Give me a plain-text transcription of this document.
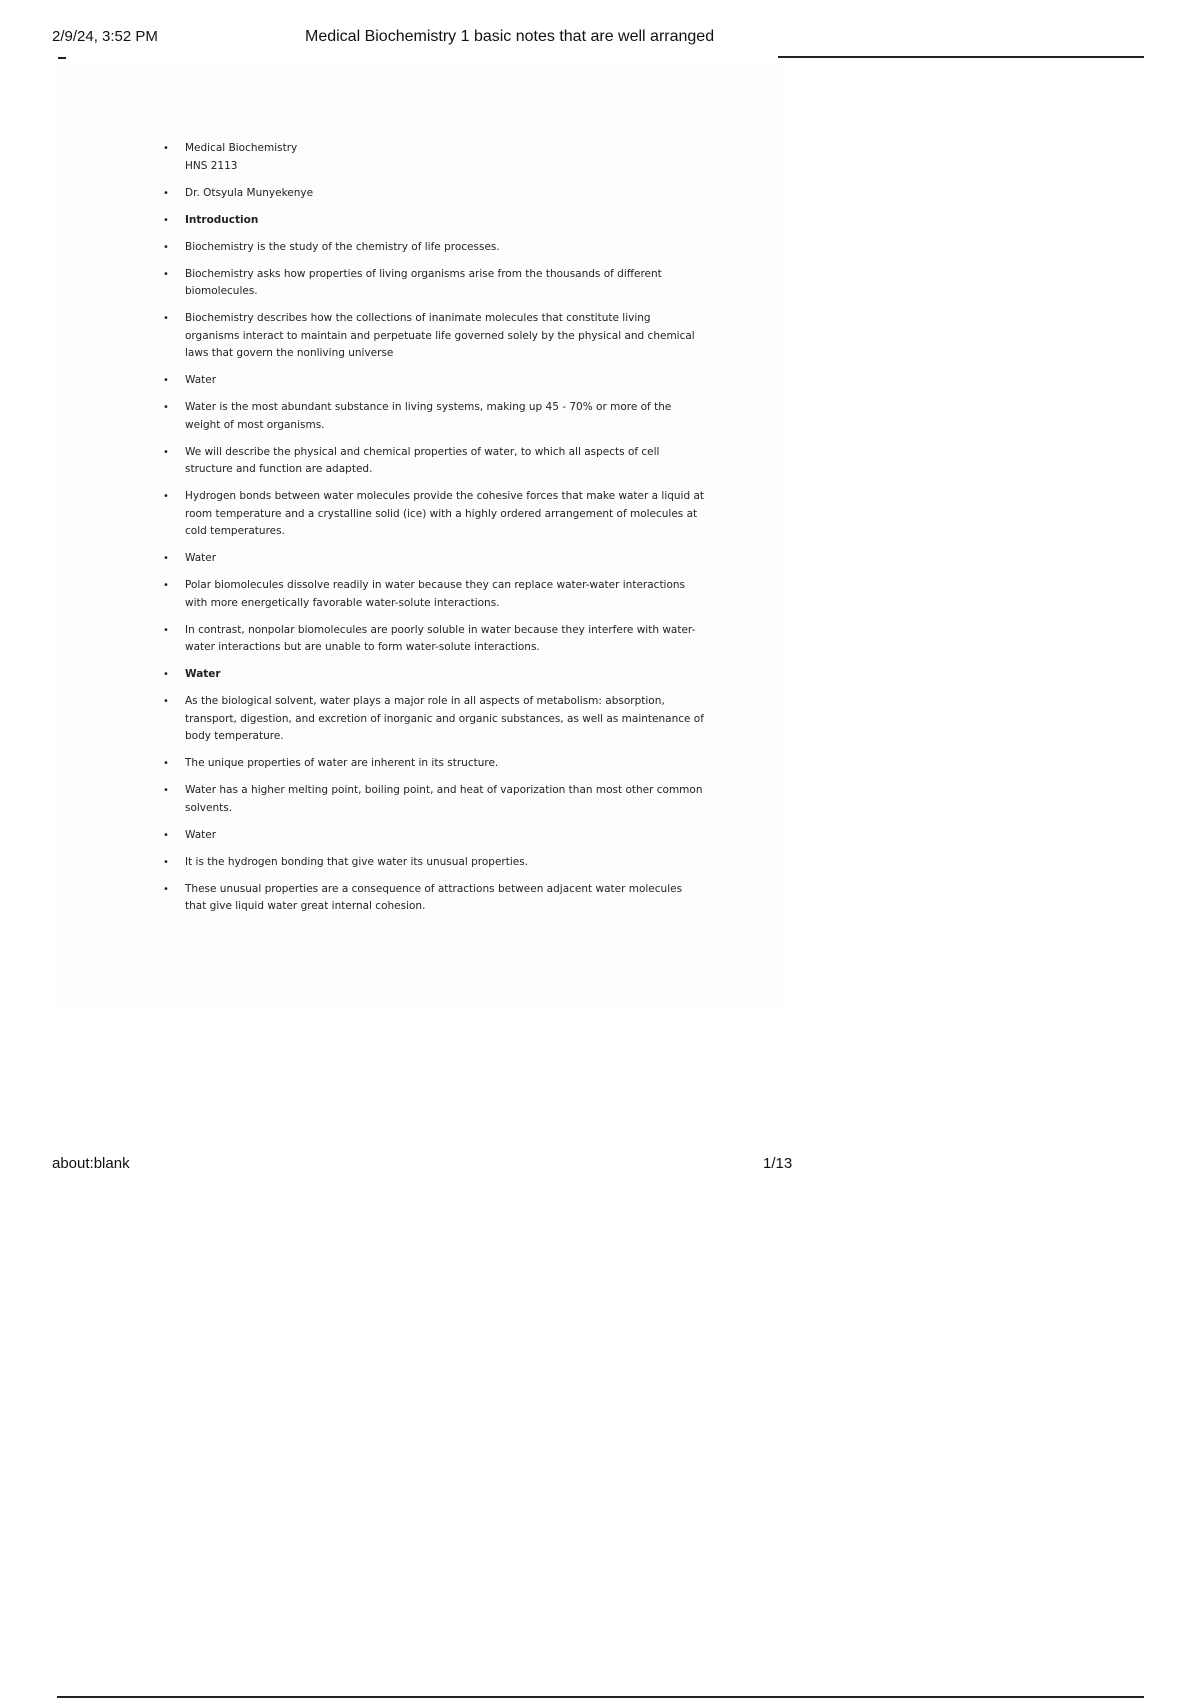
2/9/24, 3:52 PM	Medical Biochemistry 1 basic notes that are well arranged
• Medical Biochemistry
HNS 2113
• Dr. Otsyula Munyekenye
• Introduction
• Biochemistry is the study of the chemistry of life processes.
• Biochemistry asks how properties of living organisms arise from the thousands of different biomolecules.
• Biochemistry describes how the collections of inanimate molecules that constitute living organisms interact to maintain and perpetuate life governed solely by the physical and chemical laws that govern the nonliving universe
• Water
• Water is the most abundant substance in living systems, making up 45 - 70% or more of the weight of most organisms.
• We will describe the physical and chemical properties of water, to which all aspects of cell structure and function are adapted.
• Hydrogen bonds between water molecules provide the cohesive forces that make water a liquid at room temperature and a crystalline solid (ice) with a highly ordered arrangement of molecules at cold temperatures.
• Water
• Polar biomolecules dissolve readily in water because they can replace water-water interactions with more energetically favorable water-solute interactions.
• In contrast, nonpolar biomolecules are poorly soluble in water because they interfere with water-water interactions but are unable to form water-solute interactions.
• Water
• As the biological solvent, water plays a major role in all aspects of metabolism: absorption, transport, digestion, and excretion of inorganic and organic substances, as well as maintenance of body temperature.
• The unique properties of water are inherent in its structure.
• Water has a higher melting point, boiling point, and heat of vaporization than most other common solvents.
• Water
• It is the hydrogen bonding that give water its unusual properties.
• These unusual properties are a consequence of attractions between adjacent water molecules that give liquid water great internal cohesion.
about:blank	1/13
